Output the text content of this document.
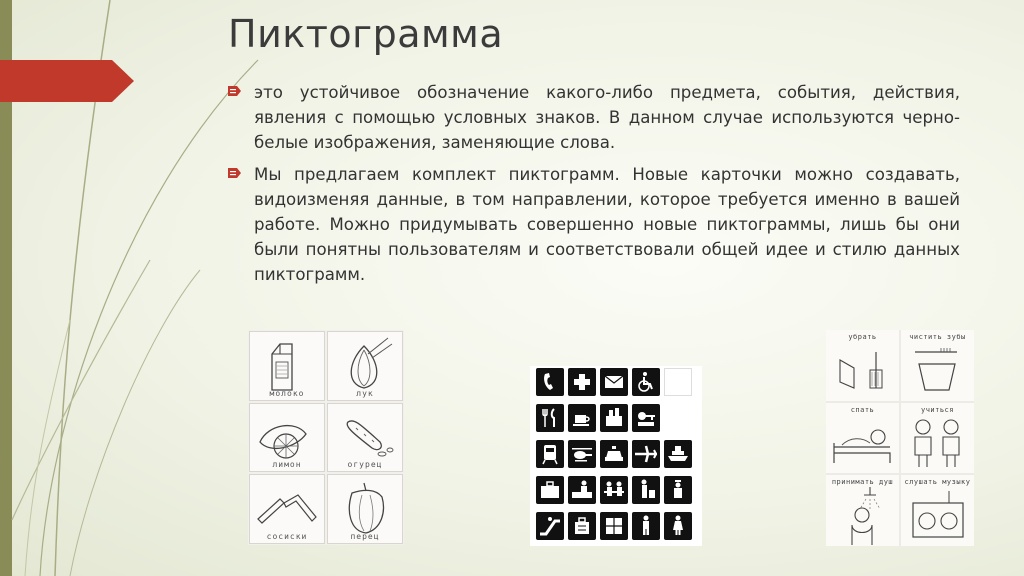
Пиктограмма
это устойчивое обозначение какого-либо предмета, события, действия, явления с помощью условных знаков. В данном случае используются черно-белые изображения, заменяющие слова.
Мы предлагаем комплект пиктограмм. Новые карточки можно создавать, видоизменяя данные, в том направлении, которое требуется именно в вашей работе. Можно придумывать совершенно новые пиктограммы, лишь бы они были понятны пользователям и соответствовали общей идее и стилю данных пиктограмм.
молоко	лук
лимон	огурец
сосиски	перец
убрать	чистить зубы
спать	учиться
принимать душ	слушать музыку
